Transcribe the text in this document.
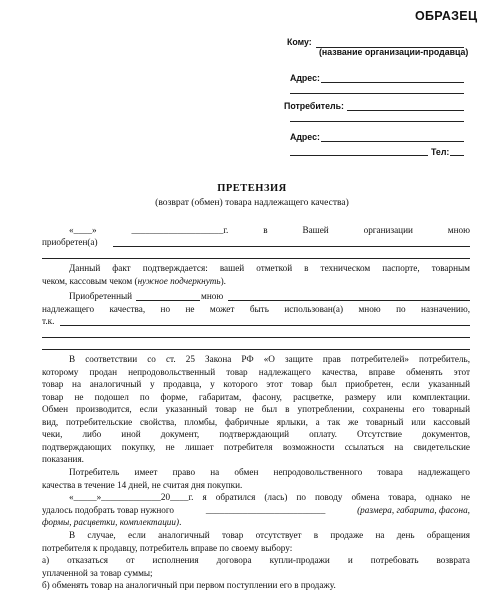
ОБРАЗЕЦ
Кому:
(название организации-продавца)
Адрес:
Потребитель:
Адрес:
Тел:
ПРЕТЕНЗИЯ
(возврат (обмен) товара надлежащего качества)
«____»	____________________г.	в	Вашей	организации	мною
приобретен(а)
Данный факт подтверждается: вашей отметкой в техническом паспорте, товарным
чеком, кассовым чеком (нужное подчеркнуть).
Приобретенный	мною
надлежащего качества, но не может быть использован(а) мною по назначению,
т.к.
В соответствии со ст. 25 Закона РФ «О защите прав потребителей» потребитель,
которому продан непродовольственный товар надлежащего качества, вправе обменять этот
товар на аналогичный у продавца, у которого этот товар был приобретен, если указанный
товар не подошел по форме, габаритам, фасону, расцветке, размеру или комплектации.
Обмен производится, если указанный товар не был в употреблении, сохранены его товарный
вид, потребительские свойства, пломбы, фабричные ярлыки, а так же товарный или кассовый
чеки, либо иной документ, подтверждающий оплату. Отсутствие документов,
подтверждающих покупку, не лишает потребителя возможности ссылаться на свидетельские
показания.
Потребитель имеет право на обмен непродовольственного товара надлежащего
качества в течение 14 дней, не считая дня покупки.
«_____»_____________20____г. я обратился (лась) по поводу обмена товара, однако не
удалось подобрать товар нужного	__________________________	(размера, габарита, фасона,
формы, расцветки, комплектации).
В случае, если аналогичный товар отсутствует в продаже на день обращения
потребителя к продавцу, потребитель вправе по своему выбору:
а) отказаться от исполнения договора купли-продажи и потребовать возврата
уплаченной за товар суммы;
б) обменять товар на аналогичный при первом поступлении его в продажу.
